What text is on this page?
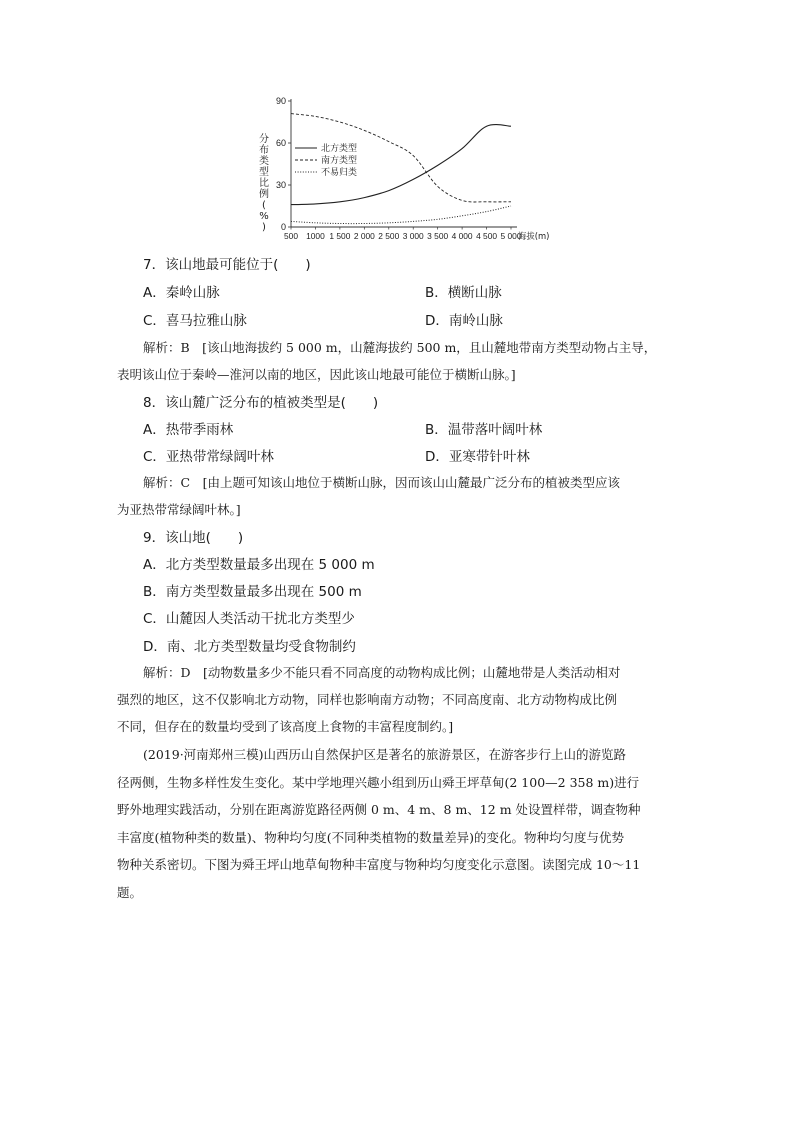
0
30
60
90
500 1000 1 500 2 000 2 500 3 000 3 500 4 000 4 500 5 000
海拔(m)
北方类型
南方类型
不易归类
分
布
类
型
比
例
(
%
)
7．该山地最可能位于(　　)
A．秦岭山脉	B．横断山脉
C．喜马拉雅山脉	D．南岭山脉
解析：B　[该山地海拔约 5 000 m，山麓海拔约 500 m，且山麓地带南方类型动物占主导，
表明该山位于秦岭—淮河以南的地区，因此该山地最可能位于横断山脉。]
8．该山麓广泛分布的植被类型是(　　)
A．热带季雨林	B．温带落叶阔叶林
C．亚热带常绿阔叶林	D．亚寒带针叶林
解析：C　[由上题可知该山地位于横断山脉，因而该山山麓最广泛分布的植被类型应该
为亚热带常绿阔叶林。]
9．该山地(　　)
A．北方类型数量最多出现在 5 000 m
B．南方类型数量最多出现在 500 m
C．山麓因人类活动干扰北方类型少
D．南、北方类型数量均受食物制约
解析：D　[动物数量多少不能只看不同高度的动物构成比例；山麓地带是人类活动相对
强烈的地区，这不仅影响北方动物，同样也影响南方动物；不同高度南、北方动物构成比例
不同，但存在的数量均受到了该高度上食物的丰富程度制约。]
(2019·河南郑州三模)山西历山自然保护区是著名的旅游景区，在游客步行上山的游览路
径两侧，生物多样性发生变化。某中学地理兴趣小组到历山舜王坪草甸(2 100—2 358 m)进行
野外地理实践活动，分别在距离游览路径两侧 0 m、4 m、8 m、12 m 处设置样带，调查物种
丰富度(植物种类的数量)、物种均匀度(不同种类植物的数量差异)的变化。物种均匀度与优势
物种关系密切。下图为舜王坪山地草甸物种丰富度与物种均匀度变化示意图。读图完成 10～11
题。
